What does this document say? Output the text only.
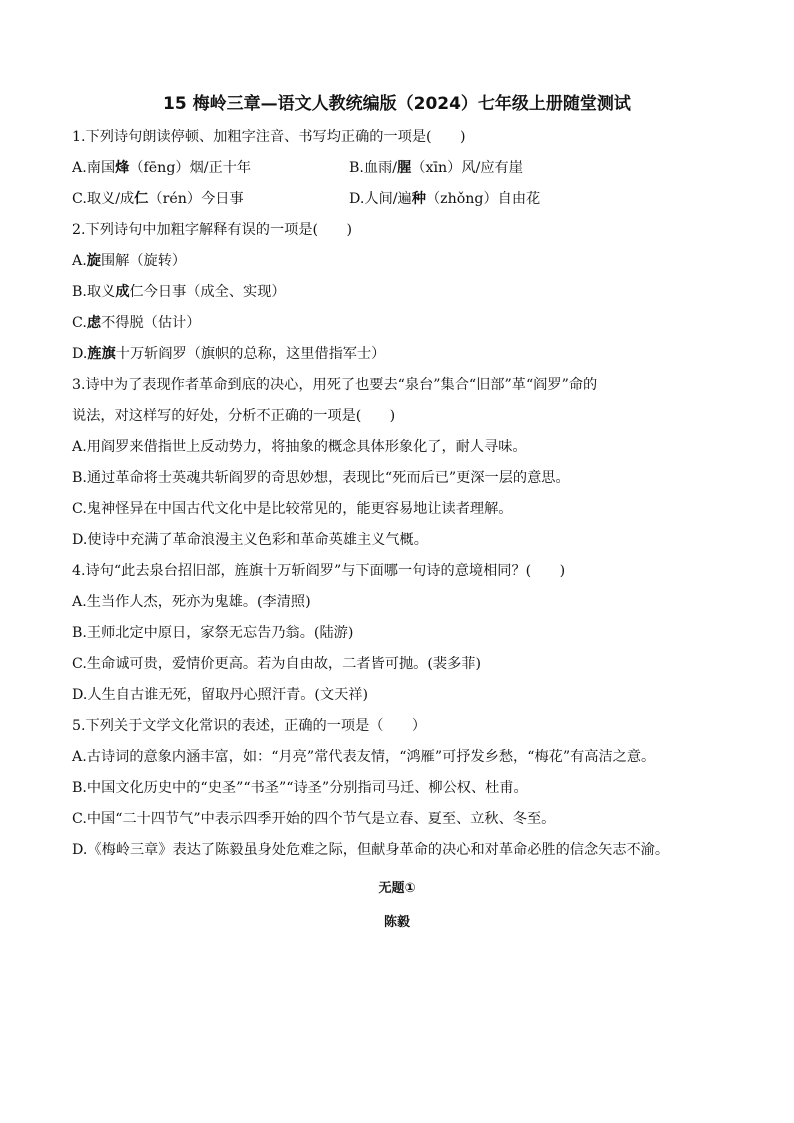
15 梅岭三章—语文人教统编版（2024）七年级上册随堂测试
1.下列诗句朗读停顿、加粗字注音、书写均正确的一项是(　　)
A.南国烽（fēng）烟/正十年	B.血雨/腥（xīn）风/应有崖
C.取义/成仁（rén）今日事	D.人间/遍种（zhǒng）自由花
2.下列诗句中加粗字解释有误的一项是(　　)
A.旋围解（旋转）
B.取义成仁今日事（成全、实现）
C.虑不得脱（估计）
D.旌旗十万斩阎罗（旗帜的总称，这里借指军士）
3.诗中为了表现作者革命到底的决心，用死了也要去“泉台”集合“旧部”革“阎罗”命的
说法，对这样写的好处，分析不正确的一项是(　　)
A.用阎罗来借指世上反动势力，将抽象的概念具体形象化了，耐人寻味。
B.通过革命将士英魂共斩阎罗的奇思妙想，表现比“死而后已”更深一层的意思。
C.鬼神怪异在中国古代文化中是比较常见的，能更容易地让读者理解。
D.使诗中充满了革命浪漫主义色彩和革命英雄主义气概。
4.诗句“此去泉台招旧部，旌旗十万斩阎罗”与下面哪一句诗的意境相同？(　　)
A.生当作人杰，死亦为鬼雄。(李清照)
B.王师北定中原日，家祭无忘告乃翁。(陆游)
C.生命诚可贵，爱情价更高。若为自由故，二者皆可抛。(裴多菲)
D.人生自古谁无死，留取丹心照汗青。(文天祥)
5.下列关于文学文化常识的表述，正确的一项是（　　）
A.古诗词的意象内涵丰富，如：“月亮”常代表友情，“鸿雁”可抒发乡愁，“梅花”有高洁之意。
B.中国文化历史中的“史圣”“书圣”“诗圣”分别指司马迁、柳公权、杜甫。
C.中国“二十四节气”中表示四季开始的四个节气是立春、夏至、立秋、冬至。
D.《梅岭三章》表达了陈毅虽身处危难之际，但献身革命的决心和对革命必胜的信念矢志不渝。
无题①
陈毅
